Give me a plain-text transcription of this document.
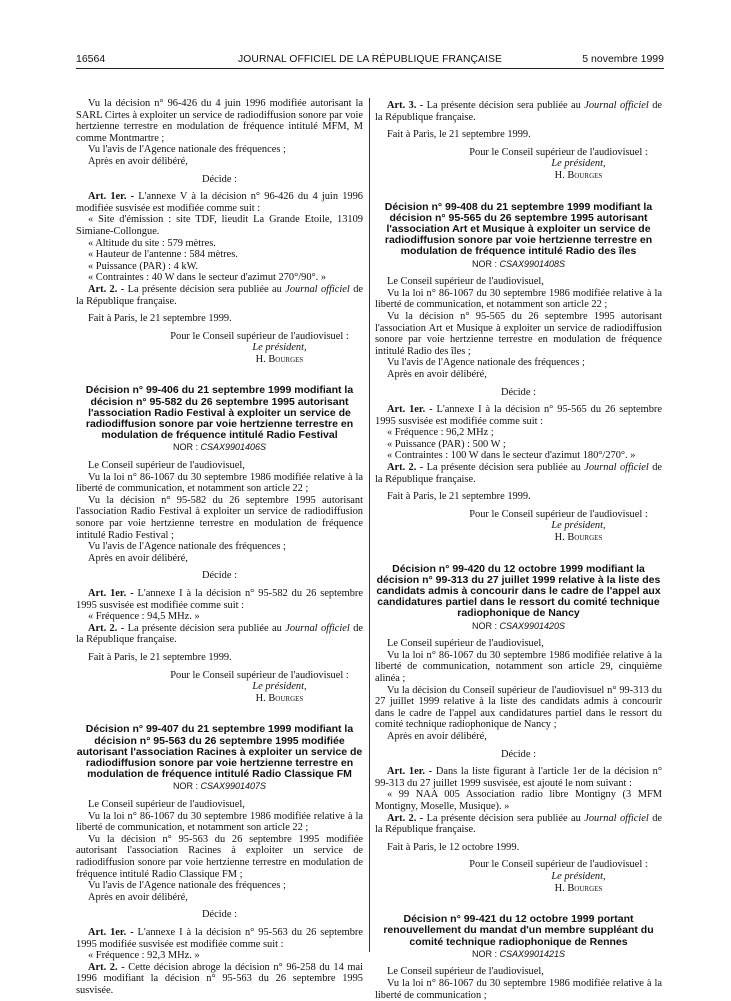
16564	JOURNAL OFFICIEL DE LA RÉPUBLIQUE FRANÇAISE	5 novembre 1999

Vu la décision n° 96-426 du 4 juin 1996 modifiée autorisant la SARL Cirtes à exploiter un service de radiodiffusion sonore par voie hertzienne terrestre en modulation de fréquence intitulé MFM, M comme Montmartre ;

Vu l'avis de l'Agence nationale des fréquences ;

Après en avoir délibéré,

Décide :

Art. 1er. - L'annexe V à la décision n° 96-426 du 4 juin 1996 modifiée susvisée est modifiée comme suit :

« Site d'émission : site TDF, lieudit La Grande Etoile, 13109 Simiane-Collongue.

« Altitude du site : 579 mètres.

« Hauteur de l'antenne : 584 mètres.

« Puissance (PAR) : 4 kW.

« Contraintes : 40 W dans le secteur d'azimut 270°/90°. »

Art. 2. - La présente décision sera publiée au Journal officiel de la République française.

Fait à Paris, le 21 septembre 1999.

Pour le Conseil supérieur de l'audiovisuel :
Le président,
H. Bourges
Décision n° 99-406 du 21 septembre 1999 modifiant la décision n° 95-582 du 26 septembre 1995 autorisant l'association Radio Festival à exploiter un service de radiodiffusion sonore par voie hertzienne terrestre en modulation de fréquence intitulé Radio Festival
NOR : CSAX9901406S

Le Conseil supérieur de l'audiovisuel,

Vu la loi n° 86-1067 du 30 septembre 1986 modifiée relative à la liberté de communication, et notamment son article 22 ;

Vu la décision n° 95-582 du 26 septembre 1995 autorisant l'association Radio Festival à exploiter un service de radiodiffusion sonore par voie hertzienne terrestre en modulation de fréquence intitulé Radio Festival ;

Vu l'avis de l'Agence nationale des fréquences ;

Après en avoir délibéré,

Décide :

Art. 1er. - L'annexe I à la décision n° 95-582 du 26 septembre 1995 susvisée est modifiée comme suit :

« Fréquence : 94,5 MHz. »

Art. 2. - La présente décision sera publiée au Journal officiel de la République française.

Fait à Paris, le 21 septembre 1999.

Pour le Conseil supérieur de l'audiovisuel :
Le président,
H. Bourges
Décision n° 99-407 du 21 septembre 1999 modifiant la décision n° 95-563 du 26 septembre 1995 modifiée autorisant l'association Racines à exploiter un service de radiodiffusion sonore par voie hertzienne terrestre en modulation de fréquence intitulé Radio Classique FM
NOR : CSAX9901407S

Le Conseil supérieur de l'audiovisuel,

Vu la loi n° 86-1067 du 30 septembre 1986 modifiée relative à la liberté de communication, et notamment son article 22 ;

Vu la décision n° 95-563 du 26 septembre 1995 modifiée autorisant l'association Racines à exploiter un service de radiodiffusion sonore par voie hertzienne terrestre en modulation de fréquence intitulé Radio Classique FM ;

Vu l'avis de l'Agence nationale des fréquences ;

Après en avoir délibéré,

Décide :

Art. 1er. - L'annexe I à la décision n° 95-563 du 26 septembre 1995 modifiée susvisée est modifiée comme suit :

« Fréquence : 92,3 MHz. »

Art. 2. - Cette décision abroge la décision n° 96-258 du 14 mai 1996 modifiant la décision n° 95-563 du 26 septembre 1995 susvisée.

Art. 3. - La présente décision sera publiée au Journal officiel de la République française.

Fait à Paris, le 21 septembre 1999.

Pour le Conseil supérieur de l'audiovisuel :
Le président,
H. Bourges
Décision n° 99-408 du 21 septembre 1999 modifiant la décision n° 95-565 du 26 septembre 1995 autorisant l'association Art et Musique à exploiter un service de radiodiffusion sonore par voie hertzienne terrestre en modulation de fréquence intitulé Radio des îles
NOR : CSAX9901408S

Le Conseil supérieur de l'audiovisuel,

Vu la loi n° 86-1067 du 30 septembre 1986 modifiée relative à la liberté de communication, et notamment son article 22 ;

Vu la décision n° 95-565 du 26 septembre 1995 autorisant l'association Art et Musique à exploiter un service de radiodiffusion sonore par voie hertzienne terrestre en modulation de fréquence intitulé Radio des îles ;

Vu l'avis de l'Agence nationale des fréquences ;

Après en avoir délibéré,

Décide :

Art. 1er. - L'annexe I à la décision n° 95-565 du 26 septembre 1995 susvisée est modifiée comme suit :

« Fréquence : 96,2 MHz ;

« Puissance (PAR) : 500 W ;

« Contraintes : 100 W dans le secteur d'azimut 180°/270°. »

Art. 2. - La présente décision sera publiée au Journal officiel de la République française.

Fait à Paris, le 21 septembre 1999.

Pour le Conseil supérieur de l'audiovisuel :
Le président,
H. Bourges
Décision n° 99-420 du 12 octobre 1999 modifiant la décision n° 99-313 du 27 juillet 1999 relative à la liste des candidats admis à concourir dans le cadre de l'appel aux candidatures partiel dans le ressort du comité technique radiophonique de Nancy
NOR : CSAX9901420S

Le Conseil supérieur de l'audiovisuel,

Vu la loi n° 86-1067 du 30 septembre 1986 modifiée relative à la liberté de communication, notamment son article 29, cinquième alinéa ;

Vu la décision du Conseil supérieur de l'audiovisuel n° 99-313 du 27 juillet 1999 relative à la liste des candidats admis à concourir dans le cadre de l'appel aux candidatures partiel dans le ressort du comité technique radiophonique de Nancy ;

Après en avoir délibéré,

Décide :

Art. 1er. - Dans la liste figurant à l'article 1er de la décision n° 99-313 du 27 juillet 1999 susvisée, est ajouté le nom suivant :

« 99 NAA 005 Association radio libre Montigny (3 MFM Montigny, Moselle, Musique). »

Art. 2. - La présente décision sera publiée au Journal officiel de la République française.

Fait à Paris, le 12 octobre 1999.

Pour le Conseil supérieur de l'audiovisuel :
Le président,
H. Bourges
Décision n° 99-421 du 12 octobre 1999 portant renouvellement du mandat d'un membre suppléant du comité technique radiophonique de Rennes
NOR : CSAX9901421S

Le Conseil supérieur de l'audiovisuel,

Vu la loi n° 86-1067 du 30 septembre 1986 modifiée relative à la liberté de communication ;
